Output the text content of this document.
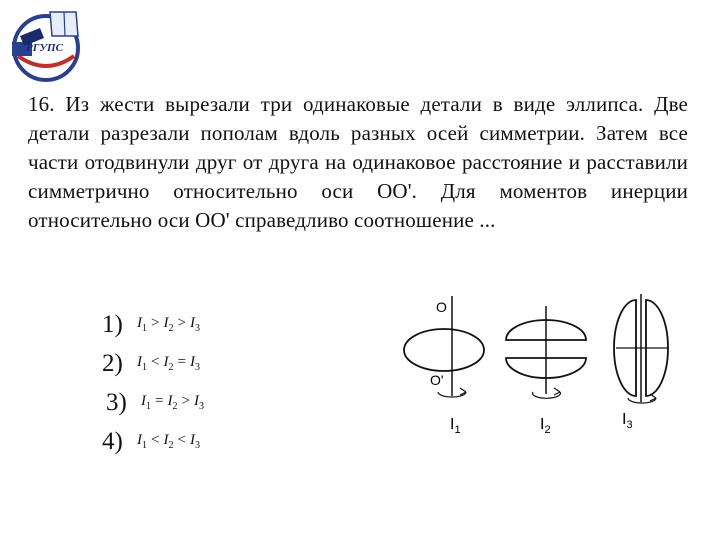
РГУПС
16. Из жести вырезали три одинаковые детали в виде эллипса. Две детали разрезали пополам вдоль разных осей симметрии. Затем все части отодвинули друг от друга на одинаковое расстояние и расставили симметрично относительно оси ОО'. Для моментов инерции относительно оси ОО' справедливо соотношение ...
1) $I_1 > I_2 > I_3$
2) $I_1 < I_2 = I_3$
3) $I_1 = I_2 > I_3$
4) $I_1 < I_2 < I_3$
O
O'
$I_1$	$I_2$
$I_3$
